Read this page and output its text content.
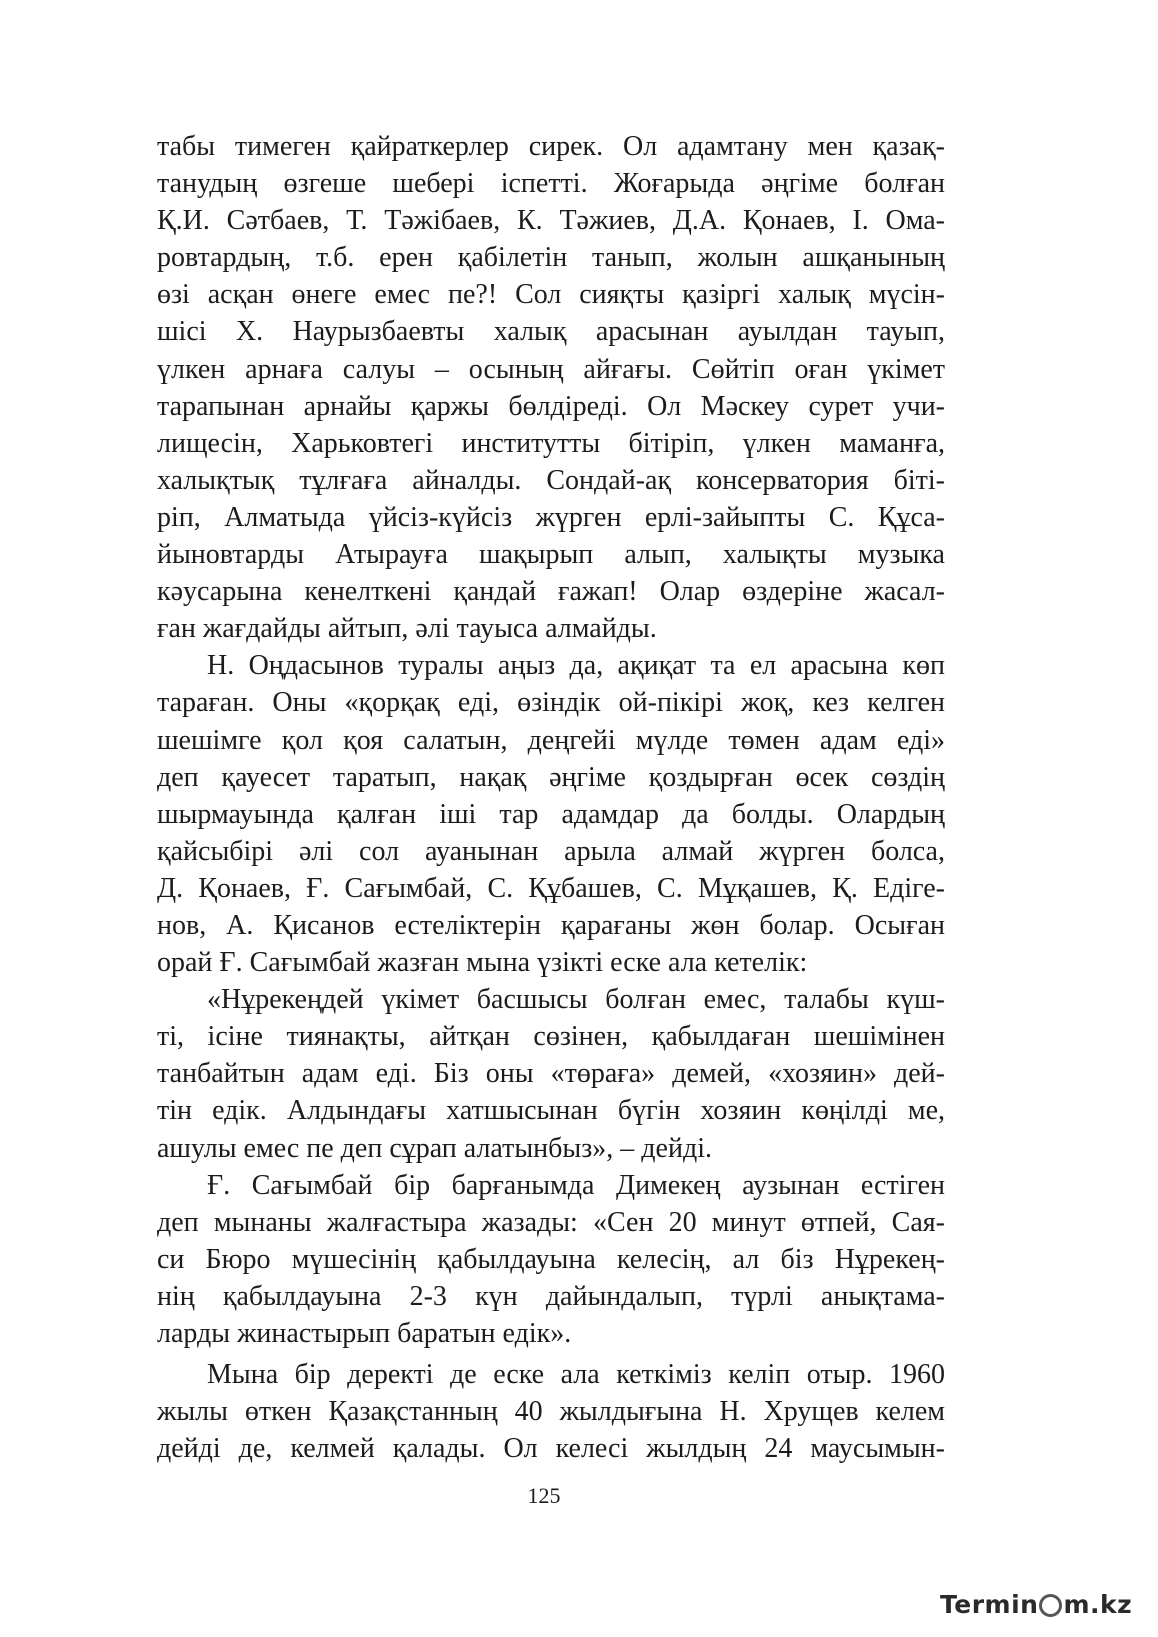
табы тимеген қайраткерлер сирек. Ол адамтану мен қазақ-
танудың өзгеше шебері іспетті. Жоғарыда әңгіме болған
Қ.И. Сәтбаев, Т. Тәжібаев, К. Тәжиев, Д.А. Қонаев, І. Ома-
ровтардың, т.б. ерен қабілетін танып, жолын ашқанының
өзі асқан өнеге емес пе?! Сол сияқты қазіргі халық мүсін-
шісі Х. Наурызбаевты халық арасынан ауылдан тауып,
үлкен арнаға салуы – осының айғағы. Сөйтіп оған үкімет
тарапынан арнайы қаржы бөлдіреді. Ол Мәскеу сурет учи-
лищесін, Харьковтегі институтты бітіріп, үлкен маманға,
халықтық тұлғаға айналды. Сондай-ақ консерватория біті-
ріп, Алматыда үйсіз-күйсіз жүрген ерлі-зайыпты С. Құса-
йыновтарды Атырауға шақырып алып, халықты музыка
кәусарына кенелткені қандай ғажап! Олар өздеріне жасал-
ған жағдайды айтып, әлі тауыса алмайды.

Н. Оңдасынов туралы аңыз да, ақиқат та ел арасына көп
тараған. Оны «қорқақ еді, өзіндік ой-пікірі жоқ, кез келген
шешімге қол қоя салатын, деңгейі мүлде төмен адам еді»
деп қауесет таратып, нақақ әңгіме қоздырған өсек сөздің
шырмауында қалған іші тар адамдар да болды. Олардың
қайсыбірі әлі сол ауанынан арыла алмай жүрген болса,
Д. Қонаев, Ғ. Сағымбай, С. Құбашев, С. Мұқашев, Қ. Едіге-
нов, А. Қисанов естеліктерін қарағаны жөн болар. Осыған
орай Ғ. Сағымбай жазған мына үзікті еске ала кетелік:

«Нұрекеңдей үкімет басшысы болған емес, талабы күш-
ті, ісіне тиянақты, айтқан сөзінен, қабылдаған шешімінен
танбайтын адам еді. Біз оны «төраға» демей, «хозяин» дей-
тін едік. Алдындағы хатшысынан бүгін хозяин көңілді ме,
ашулы емес пе деп сұрап алатынбыз», – дейді.

Ғ. Сағымбай бір барғанымда Димекең аузынан естіген
деп мынаны жалғастыра жазады: «Сен 20 минут өтпей, Сая-
си Бюро мүшесінің қабылдауына келесің, ал біз Нұрекең-
нің қабылдауына 2-3 күн дайындалып, түрлі анықтама-
ларды жинастырып баратын едік».

Мына бір деректі де еске ала кеткіміз келіп отыр. 1960
жылы өткен Қазақстанның 40 жылдығына Н. Хрущев келем
дейді де, келмей қалады. Ол келесі жылдың 24 маусымын-

125
Termin m.kz
